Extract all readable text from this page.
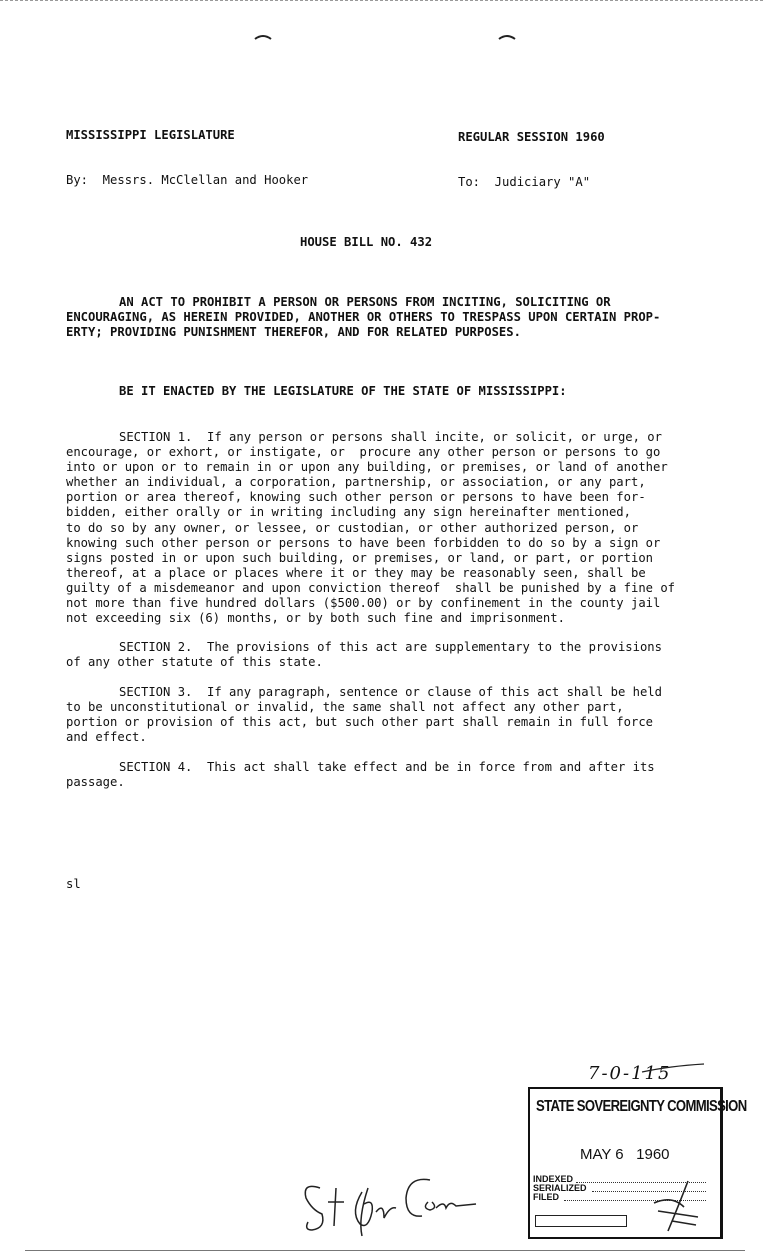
MISSISSIPPI LEGISLATURE

By:  Messrs. McClellan and Hooker

REGULAR SESSION 1960

To:  Judiciary "A"

HOUSE BILL NO. 432
AN ACT TO PROHIBIT A PERSON OR PERSONS FROM INCITING, SOLICITING OR
ENCOURAGING, AS HEREIN PROVIDED, ANOTHER OR OTHERS TO TRESPASS UPON CERTAIN PROP-
ERTY; PROVIDING PUNISHMENT THEREFOR, AND FOR RELATED PURPOSES.
BE IT ENACTED BY THE LEGISLATURE OF THE STATE OF MISSISSIPPI:
SECTION 1.  If any person or persons shall incite, or solicit, or urge, or
encourage, or exhort, or instigate, or  procure any other person or persons to go
into or upon or to remain in or upon any building, or premises, or land of another
whether an individual, a corporation, partnership, or association, or any part,
portion or area thereof, knowing such other person or persons to have been for-
bidden, either orally or in writing including any sign hereinafter mentioned,
to do so by any owner, or lessee, or custodian, or other authorized person, or
knowing such other person or persons to have been forbidden to do so by a sign or
signs posted in or upon such building, or premises, or land, or part, or portion
thereof, at a place or places where it or they may be reasonably seen, shall be
guilty of a misdemeanor and upon conviction thereof  shall be punished by a fine of
not more than five hundred dollars ($500.00) or by confinement in the county jail
not exceeding six (6) months, or by both such fine and imprisonment.
SECTION 2.  The provisions of this act are supplementary to the provisions
of any other statute of this state.
SECTION 3.  If any paragraph, sentence or clause of this act shall be held
to be unconstitutional or invalid, the same shall not affect any other part,
portion or provision of this act, but such other part shall remain in full force
and effect.
SECTION 4.  This act shall take effect and be in force from and after its
passage.
sl
7-0-115
STATE SOVEREIGNTY COMMISSION
MAY 6   1960
INDEXED
SERIALIZED
FILED
